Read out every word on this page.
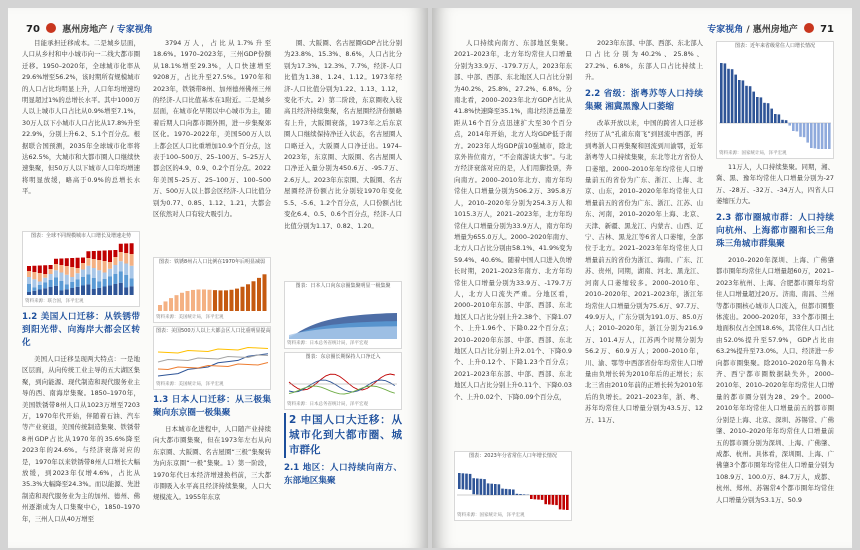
70 惠州房地产 / 专家视角

目能承担迁移成本。二是城乡层面，人口从乡村和中小城市向一二线大都市圈迁移。1950–2020年，全球城市化率从29.6%增至56.2%，该时期所有规模城市的人口占比均明显上升，人口年均增速均明显超过1%的总增长水平。其中1000万人以上城市人口占比从0.9%增至7.1%，30万人以下小城市人口占比从17.8%升至22.9%，分别上升6.2、5.1个百分点。根据联合国预测，2035年全球城市化率将达62.5%，大城市和大都市圈人口继续快速集聚，但50万人以下城市人口年均增速将明显放缓，略高于0.9%的总增长水平。

图表：全球不同规模城市人口增长及增速走势
资料来源：联合国，泽平宏观
1.2 美国人口迁移：从铁锈带到阳光带、向海岸大都会区转化

美国人口迁移呈现两大特点：一是地区层面，从向传统工业主导的五大湖区集聚，到向能源、现代制造和现代服务业主导的西、南海岸集聚。1850–1970年，美国铁锈带8州人口从1023万增至7203万，1970年代开始，伴随着石油、汽车等产业衰退，美国传统制造集聚、铁锈带8州GDP占比从1970年的35.6%降至2023年的24.6%。与经济衰落对应的是，1970年以来铁锈带8州人口增长大幅放缓，到2023年仅增4.6%，占比从35.3%大幅降至24.3%。而以能源、先进制造和现代服务业为主的加州、德州、佛州逐渐成为人口集聚中心，1850–1970年，三州人口从40万增至

3794万人，占比从1.7%升至18.6%。1970–2023年，三州GDP份额从18.1%增至29.3%，人口快速增至9208万，占比升至27.5%。1970年和2023年，铁锈带8州、加州德州佛州三州的经济-人口比值基本在1附近。二是城乡层面，在城市化早期以中心城市为主，随着后期人口向都市圈外围，进一步集聚郊区化。1970–2022年，美国500万人以上都会区人口比重增加10.9个百分点，这表于100–500万、25–100万、5–25万人都会区的4.9、0.9、0.2个百分点。2022年美国5–25万、25–100万、100–500万、500万人以上都会区经济-人口比值分别为0.77、0.85、1.12、1.21，大都会区依然对人口有较大吸引力。

图表：铁锈8州占人口比例在1970年后明显减弱
资料来源：美国统计局，泽平宏观
图表：美国500万人以上大都会区人口比重明显提高
资料来源：美国统计局，泽平宏观
1.3 日本人口迁移：从三极集聚向东京圈一极集聚

日本城市化进程中，人口随产业持续向大都市圈集聚，但在1973年左右从向东京圈、大阪圈、名古屋圈“三极”集聚转为向东京圈“一极”集聚。1）第一阶段，1970年代日本经济增速换档前，三大都市圈吸入水平高且经济持续集聚，人口大规模流入。1955年东京

圈、大阪圈、名古屋圈GDP占比分别为23.8%、15.3%、8.6%，人口占比分别为17.3%、12.3%、7.7%，经济-人口比值为1.38、1.24、1.12。1973年经济-人口比值分别为1.22、1.13、1.12，变化不大。2）第二阶段，东京圈收入较高且经济持续集聚，名古屋圈经济份额略有上升，大阪圈衰落，1973年之后东京圈人口继续保持净迁入状态，名古屋圈人口略迁入，大阪圈人口净迁出。1974–2023年，东京圈、大阪圈、名古屋圈人口净迁入量分别为450.6万、-95.7万、2.6万人。2023年东京圈、大阪圈、名古屋圈经济份额占比分别较1970年变化5.5、-5.6、1.2个百分点，人口份额占比变化6.4、0.5、0.6个百分点，经济-人口比值分别为1.17、0.82、1.20。

图表：日本人口向东京圈集聚明显一极集聚
资料来源：日本总务省统计局，泽平宏观
图表：东京圈长期保持人口净迁入
资料来源：日本总务省统计局，泽平宏观
2 中国人口大迁移：从城市化到大都市圈、城市群化
2.1 地区：人口持续向南方、东部地区集聚
专家视角 / 惠州房地产 71

人口持续向南方、东部地区集聚。2021–2023年，北方年均常住人口增量分别为33.9万、-179.7万人，2023年东部、中部、西部、东北地区人口占比分别为40.2%、25.8%、27.2%、6.8%。分南北看，2000–2023年北方GDP占比从41.8%快速降至35.1%，南北经济总量差距从16个百分点迅速扩大至30个百分点，2014年开始，北方人均GDP低于南方。2023年人均GDP前10强城市，除北京外皆位南方，“不会南游谈大事”。与北方经济衰落对应的是，人们用脚投票，奔向南方。2000–2010年北方、南方年均常住人口增量分别为506.2万、395.8万人，2010–2020年分别为254.3万人和1015.3万人，2021–2023年，北方年均常住人口增量分别为33.9万人，南方年均增量为655.0万人。2000–2020年南方、北方人口占比分别由58.1%、41.9%变为59.4%、40.6%。随着中国人口进入负增长时期，2021–2023年南方、北方年均常住人口增量分别为33.9万、-179.7万人，北方人口流失严重。分地区看，2000–2010年东部、中部、西部、东北地区人口占比分别上升2.38个、下降1.07个、上升1.96个、下降0.22个百分点；2010–2020年东部、中部、西部、东北地区人口占比分别上升2.01个、下降0.9个、上升0.12个、下降1.23个百分点；2021–2023年东部、中部、西部、东北地区人口占比分别上升0.11个、下降0.03个、上升0.02个、下降0.09个百分点，

图表：2023年分省常住人口年增长情况
资料来源：国家统计局，泽平宏观

2023年东部、中部、西部、东北部人口占比分别为40.2%、25.8%、27.2%、6.8%，东部人口占比持续上升。

2.2 省级：浙粤苏等人口持续集聚 湘冀黑豫人口萎缩

改革开放以来，中国的跨省人口迁移经历了从“孔雀东南飞”到回流中西部，再到粤浙人口再集聚和回流到川渝鄂，近年浙粤等人口持续集聚，东北等北方省份人口萎缩。2000–2010年年均常住人口增量前五的省份为广东、浙江、上海、北京、山东，2010–2020年年均常住人口增量前五的省份为广东、浙江、江苏、山东、河南，2010–2020年上海、北京、天津、新疆、黑龙江、内蒙古、山西、辽宁、吉林、黑龙江等6省人口萎缩，全部位于北方。2021–2023年年均常住人口增量前五的省份为浙江、海南、广东、江苏、贵州，同期，湖南、河北、黑龙江、河南人口萎缩较多。2000–2010年、2010–2020年、2021–2023年，浙江年均常住人口增量分别为75.6万、97.7万、49.9万人，广东分别为191.0万、85.0万人；2010–2020年，浙江分别为216.9万、101.4万人，江苏两个时期分别为56.2万、60.9万人；2000–2010年，川、渝、鄂等中西部省份年均常住人口增量由负增长转为2010年后的正增长；东北三省由2010年前的正增长转为2010年后的负增长。2021–2023年，浙、粤、苏年均常住人口增量分别为43.5万、12万、11万、

图表：近年来省级常住人口增长情况
资料来源：国家统计局，泽平宏观

11万人，人口持续集聚。同期，湘、冀、黑、豫年均常住人口增量分别为-27万、-28万、-32万、-34万人，四省人口萎缩压力大。

2.3 都市圈城市群：人口持续向杭州、上海都市圈和长三角珠三角城市群集聚

2010–2020年深圳、上海、广佛肇都市圈年均常住人口增量超60万，2021–2023年杭州、上海、合肥都市圈年均常住人口增量超过20万。济南、南昌、兰州等都市圈核心城市人口流入，但都市圈整体流出。2000–2020年，33个都市圈土地面积仅占全国18.6%，其常住人口占比由52.0%提升至57.9%，GDP占比由63.2%提升至73.0%。人口、经济进一步向都市圈集聚。除2010–2020年乌鲁木齐、西宁都市圈数据缺失外，2000–2010年、2010–2020年年均常住人口增量的都市圈分别为28、29个。2000–2010年年均常住人口增量前五的都市圈分别是上海、北京、深圳、苏锡常、广佛肇、2010–2020年年均常住人口增量前五的都市圈分别为深圳、上海、广佛肇、成都、杭州。具体看，深圳圈、上海、广佛肇3个都市圈年均常住人口增量分别为108.9万、100.0万、84.7万人，成都、杭州、郑州、苏锡常4个都市圈年均常住人口增量分别为53.1万、50.9
